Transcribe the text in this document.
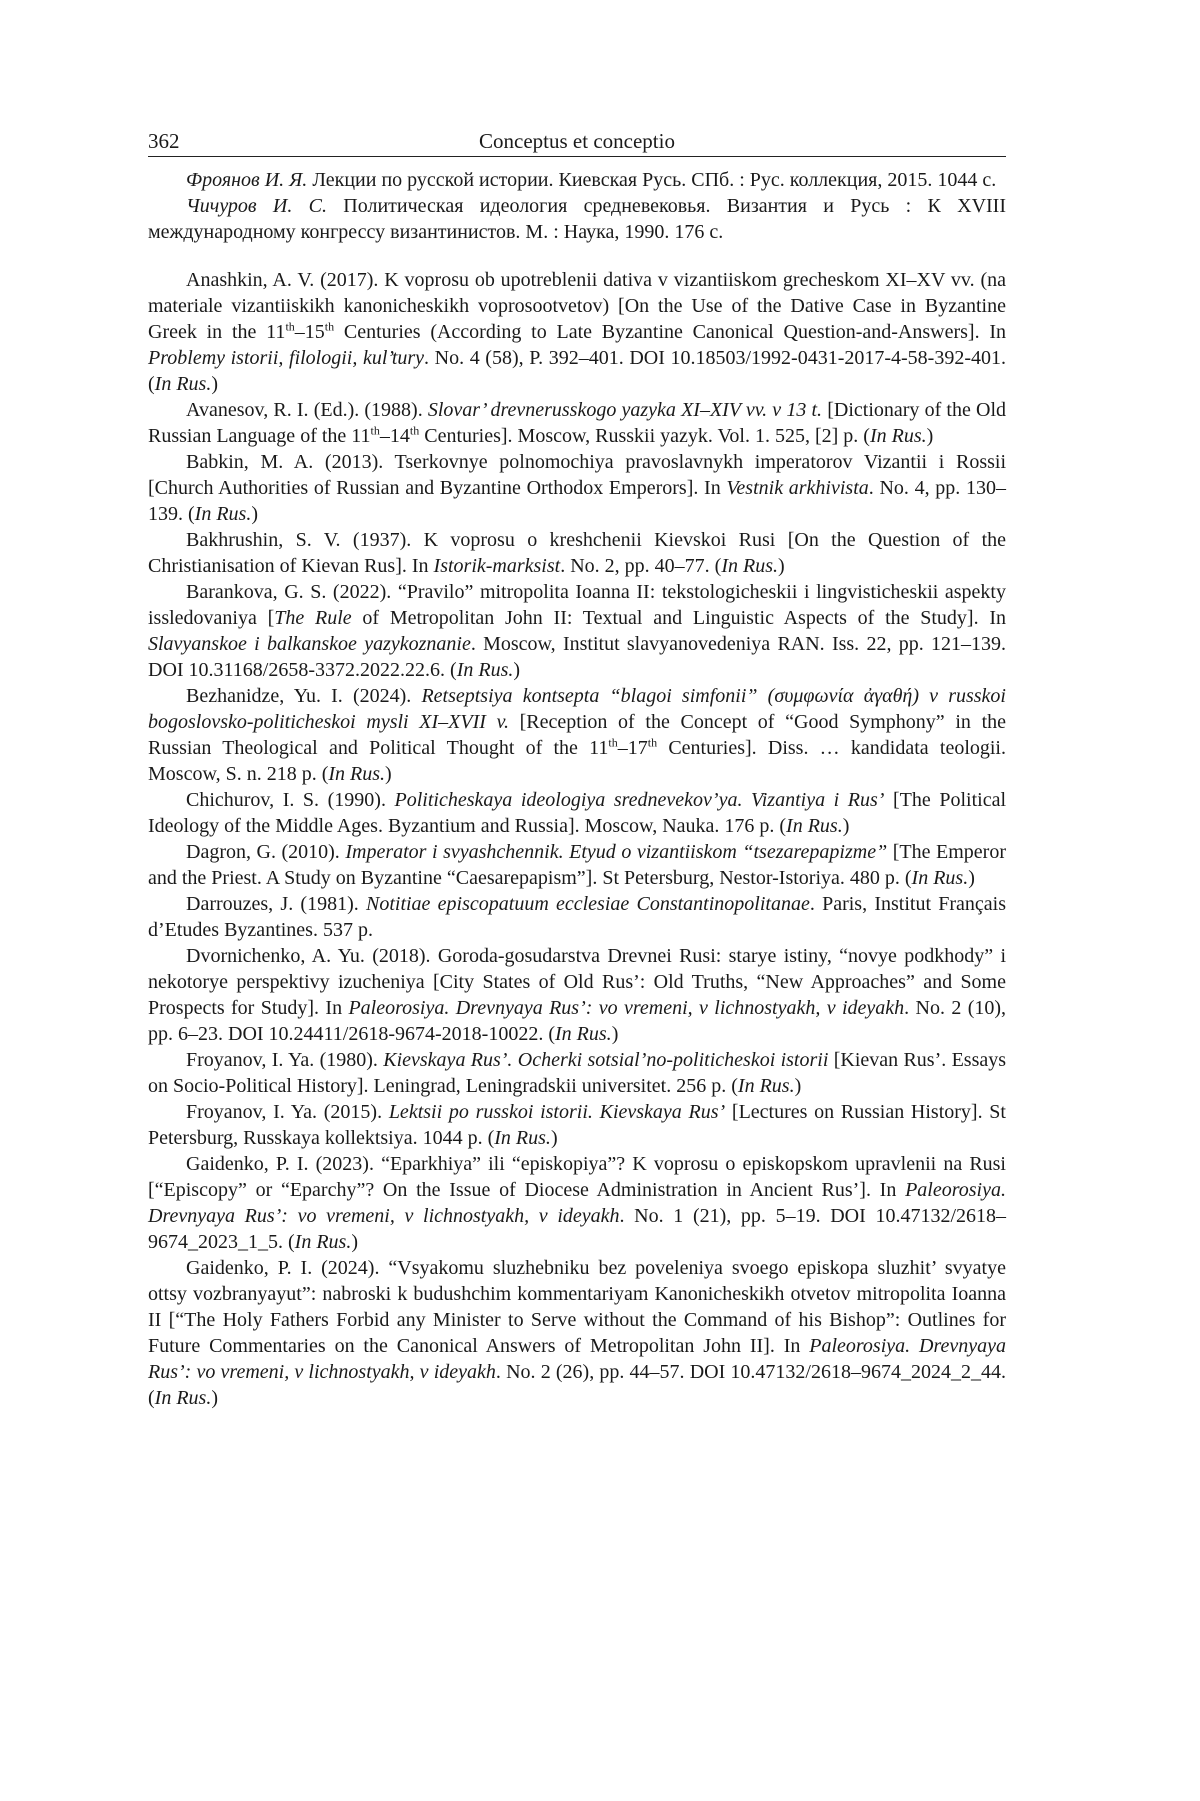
362	Conceptus et conceptio

Фроянов И. Я. Лекции по русской истории. Киевская Русь. СПб. : Рус. коллекция, 2015. 1044 с.

Чичуров И. С. Политическая идеология средневековья. Византия и Русь : К XVIII международному конгрессу византинистов. М. : Наука, 1990. 176 с.

Anashkin, A. V. (2017). K voprosu ob upotreblenii dativa v vizantiiskom grecheskom XI–XV vv. (na materiale vizantiiskikh kanonicheskikh voprosootvetov) [On the Use of the Dative Case in Byzantine Greek in the 11th–15th Centuries (According to Late Byzantine Canonical Question-and-Answers]. In Problemy istorii, filologii, kul’tury. No. 4 (58), P. 392–401. DOI 10.18503/1992-0431-2017-4-58-392-401. (In Rus.)

Avanesov, R. I. (Ed.). (1988). Slovar’ drevnerusskogo yazyka XI–XIV vv. v 13 t. [Dictionary of the Old Russian Language of the 11th–14th Centuries]. Moscow, Russkii yazyk. Vol. 1. 525, [2] p. (In Rus.)

Babkin, M. A. (2013). Tserkovnye polnomochiya pravoslavnykh imperatorov Vizantii i Rossii [Church Authorities of Russian and Byzantine Orthodox Emperors]. In Vestnik arkhivista. No. 4, pp. 130–139. (In Rus.)

Bakhrushin, S. V. (1937). K voprosu o kreshchenii Kievskoi Rusi [On the Question of the Christianisation of Kievan Rus]. In Istorik-marksist. No. 2, pp. 40–77. (In Rus.)

Barankova, G. S. (2022). “Pravilo” mitropolita Ioanna II: tekstologicheskii i lingvisticheskii aspekty issledovaniya [The Rule of Metropolitan John II: Textual and Linguistic Aspects of the Study]. In Slavyanskoe i balkanskoe yazykoznanie. Moscow, Institut slavyanovedeniya RAN. Iss. 22, pp. 121–139. DOI 10.31168/2658-3372.2022.22.6. (In Rus.)

Bezhanidze, Yu. I. (2024). Retseptsiya kontsepta “blagoi simfonii” (συμφωνία ἀγαθή) v russkoi bogoslovsko-politicheskoi mysli XI–XVII v. [Reception of the Concept of “Good Symphony” in the Russian Theological and Political Thought of the 11th–17th Centuries]. Diss. … kandidata teologii. Moscow, S. n. 218 p. (In Rus.)

Chichurov, I. S. (1990). Politicheskaya ideologiya srednevekov’ya. Vizantiya i Rus’ [The Political Ideology of the Middle Ages. Byzantium and Russia]. Moscow, Nauka. 176 p. (In Rus.)

Dagron, G. (2010). Imperator i svyashchennik. Etyud o vizantiiskom “tsezarepapizme” [The Emperor and the Priest. A Study on Byzantine “Caesarepapism”]. St Petersburg, Nestor-Istoriya. 480 p. (In Rus.)

Darrouzes, J. (1981). Notitiae episcopatuum ecclesiae Constantinopolitanae. Paris, Institut Français d’Etudes Byzantines. 537 p.

Dvornichenko, A. Yu. (2018). Goroda-gosudarstva Drevnei Rusi: starye istiny, “novye podkhody” i nekotorye perspektivy izucheniya [City States of Old Rus’: Old Truths, “New Approaches” and Some Prospects for Study]. In Paleorosiya. Drevnyaya Rus’: vo vremeni, v lichnostyakh, v ideyakh. No. 2 (10), pp. 6–23. DOI 10.24411/2618-9674-2018-10022. (In Rus.)

Froyanov, I. Ya. (1980). Kievskaya Rus’. Ocherki sotsial’no-politicheskoi istorii [Kievan Rus’. Essays on Socio-Political History]. Leningrad, Leningradskii universitet. 256 p. (In Rus.)

Froyanov, I. Ya. (2015). Lektsii po russkoi istorii. Kievskaya Rus’ [Lectures on Russian History]. St Petersburg, Russkaya kollektsiya. 1044 p. (In Rus.)

Gaidenko, P. I. (2023). “Eparkhiya” ili “episkopiya”? K voprosu o episkopskom upravlenii na Rusi [“Episcopy” or “Eparchy”? On the Issue of Diocese Administration in Ancient Rus’]. In Paleorosiya. Drevnyaya Rus’: vo vremeni, v lichnostyakh, v ideyakh. No. 1 (21), pp. 5–19. DOI 10.47132/2618–9674_2023_1_5. (In Rus.)

Gaidenko, P. I. (2024). “Vsyakomu sluzhebniku bez poveleniya svoego episkopa sluzhit’ svyatye ottsy vozbranyayut”: nabroski k budushchim kommentariyam Kanonicheskikh otvetov mitropolita Ioanna II [“The Holy Fathers Forbid any Minister to Serve without the Command of his Bishop”: Outlines for Future Commentaries on the Canonical Answers of Metropolitan John II]. In Paleorosiya. Drevnyaya Rus’: vo vremeni, v lichnostyakh, v ideyakh. No. 2 (26), pp. 44–57. DOI 10.47132/2618–9674_2024_2_44. (In Rus.)
